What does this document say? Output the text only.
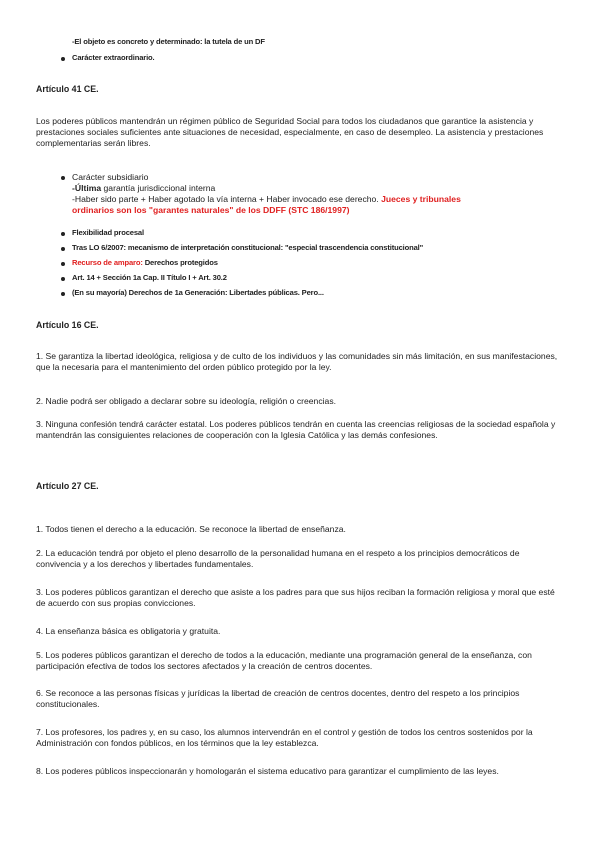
-El objeto es concreto y determinado: la tutela de un DF
Carácter extraordinario.
Artículo 41 CE.
Los poderes públicos mantendrán un régimen público de Seguridad Social para todos los ciudadanos que garantice la asistencia y prestaciones sociales suficientes ante situaciones de necesidad, especialmente, en caso de desempleo. La asistencia y prestaciones complementarias serán libres.
Carácter subsidiario
-Última garantía jurisdiccional interna
-Haber sido parte + Haber agotado la vía interna + Haber invocado ese derecho. Jueces y tribunales
ordinarios son los "garantes naturales" de los DDFF (STC 186/1997)
Flexibilidad procesal
Tras LO 6/2007: mecanismo de interpretación constitucional: "especial trascendencia constitucional"
Recurso de amparo: Derechos protegidos
Art. 14 + Sección 1a Cap. II Título I + Art. 30.2
(En su mayoría) Derechos de 1a Generación: Libertades públicas. Pero...
Artículo 16 CE.
1. Se garantiza la libertad ideológica, religiosa y de culto de los individuos y las comunidades sin más limitación, en sus manifestaciones, que la necesaria para el mantenimiento del orden público protegido por la ley.
2. Nadie podrá ser obligado a declarar sobre su ideología, religión o creencias.
3. Ninguna confesión tendrá carácter estatal. Los poderes públicos tendrán en cuenta las creencias religiosas de la sociedad española y mantendrán las consiguientes relaciones de cooperación con la Iglesia Católica y las demás confesiones.
Artículo 27 CE.
1. Todos tienen el derecho a la educación. Se reconoce la libertad de enseñanza.
2. La educación tendrá por objeto el pleno desarrollo de la personalidad humana en el respeto a los principios democráticos de convivencia y a los derechos y libertades fundamentales.
3. Los poderes públicos garantizan el derecho que asiste a los padres para que sus hijos reciban la formación religiosa y moral que esté de acuerdo con sus propias convicciones.
4. La enseñanza básica es obligatoria y gratuita.
5. Los poderes públicos garantizan el derecho de todos a la educación, mediante una programación general de la enseñanza, con participación efectiva de todos los sectores afectados y la creación de centros docentes.
6. Se reconoce a las personas físicas y jurídicas la libertad de creación de centros docentes, dentro del respeto a los principios constitucionales.
7. Los profesores, los padres y, en su caso, los alumnos intervendrán en el control y gestión de todos los centros sostenidos por la Administración con fondos públicos, en los términos que la ley establezca.
8. Los poderes públicos inspeccionarán y homologarán el sistema educativo para garantizar el cumplimiento de las leyes.
